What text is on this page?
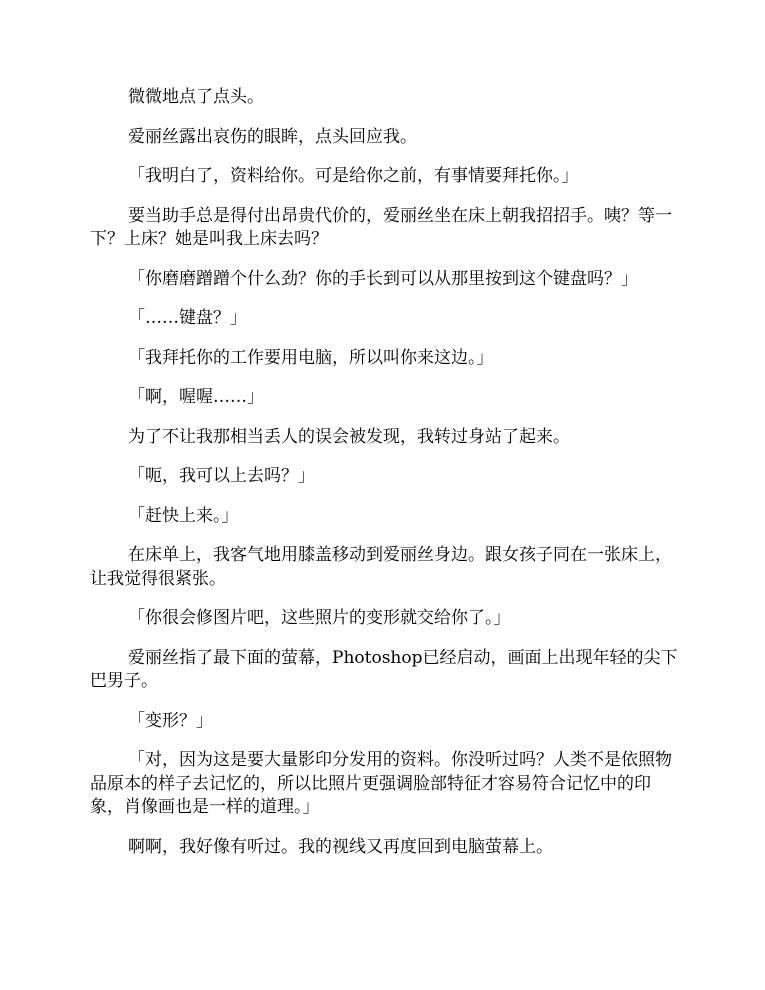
微微地点了点头。

爱丽丝露出哀伤的眼眸，点头回应我。

「我明白了，资料给你。可是给你之前，有事情要拜托你。」

要当助手总是得付出昂贵代价的，爱丽丝坐在床上朝我招招手。咦？等一下？上床？她是叫我上床去吗？

「你磨磨蹭蹭个什么劲？你的手长到可以从那里按到这个键盘吗？」

「……键盘？」

「我拜托你的工作要用电脑，所以叫你来这边。」

「啊，喔喔……」

为了不让我那相当丢人的误会被发现，我转过身站了起来。

「呃，我可以上去吗？」

「赶快上来。」

在床单上，我客气地用膝盖移动到爱丽丝身边。跟女孩子同在一张床上，让我觉得很紧张。

「你很会修图片吧，这些照片的变形就交给你了。」

爱丽丝指了最下面的萤幕，Photoshop已经启动，画面上出现年轻的尖下巴男子。

「变形？」

「对，因为这是要大量影印分发用的资料。你没听过吗？人类不是依照物品原本的样子去记忆的，所以比照片更强调脸部特征才容易符合记忆中的印象，肖像画也是一样的道理。」

啊啊，我好像有听过。我的视线又再度回到电脑萤幕上。
